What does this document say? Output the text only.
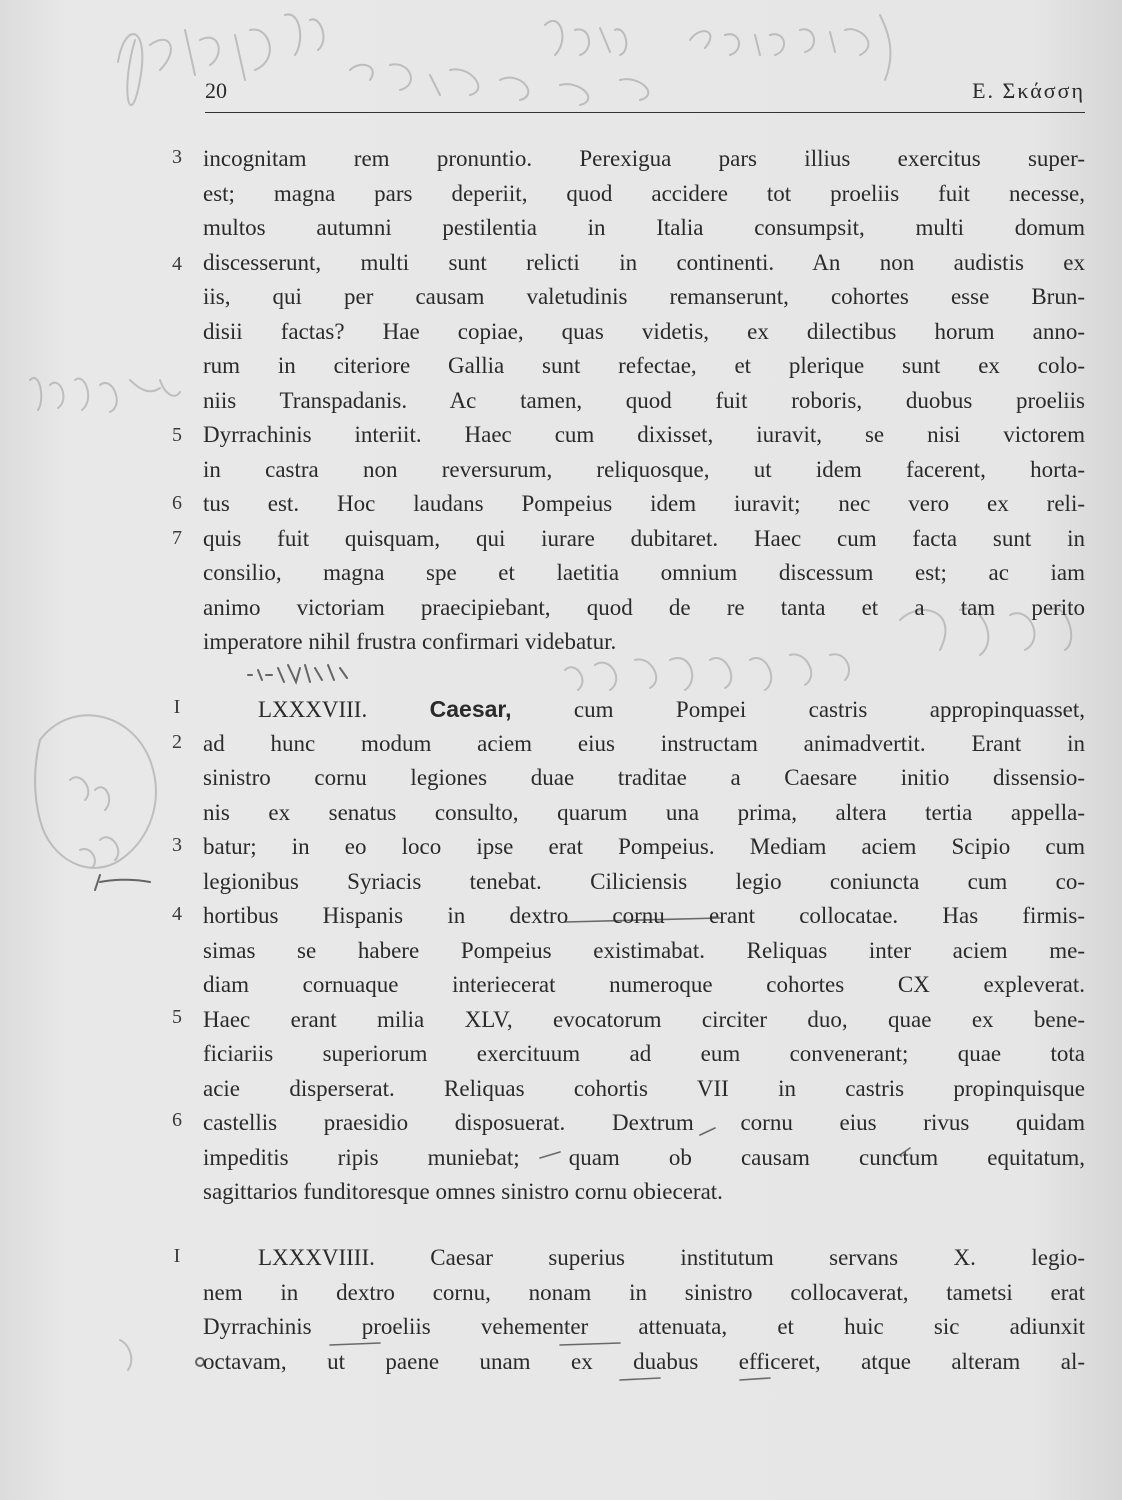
20	Ε. Σκάσση
3
4
5
6
7
incognitam rem pronuntio. Perexigua pars illius exercitus super-
est; magna pars deperiit, quod accidere tot proeliis fuit necesse,
multos autumni pestilentia in Italia consumpsit, multi domum
discesserunt, multi sunt relicti in continenti. An non audistis ex
iis, qui per causam valetudinis remanserunt, cohortes esse Brun-
disii factas? Hae copiae, quas videtis, ex dilectibus horum anno-
rum in citeriore Gallia sunt refectae, et plerique sunt ex colo-
niis Transpadanis. Ac tamen, quod fuit roboris, duobus proeliis
Dyrrachinis interiit. Haec cum dixisset, iuravit, se nisi victorem
in castra non reversurum, reliquosque, ut idem facerent, horta-
tus est. Hoc laudans Pompeius idem iuravit; nec vero ex reli-
quis fuit quisquam, qui iurare dubitaret. Haec cum facta sunt in
consilio, magna spe et laetitia omnium discessum est; ac iam
animo victoriam praecipiebant, quod de re tanta et a tam perito
imperatore nihil frustra confirmari videbatur.
I
2
3
4
5
6
LXXXVIII.	Caesar,	cum Pompei castris appropinquasset,
ad hunc modum aciem eius instructam animadvertit. Erant in
sinistro cornu legiones duae traditae a Caesare initio dissensio-
nis ex senatus consulto, quarum una prima, altera tertia appella-
batur; in eo loco ipse erat Pompeius. Mediam aciem Scipio cum
legionibus Syriacis tenebat. Ciliciensis legio coniuncta cum co-
hortibus Hispanis in dextro cornu erant collocatae. Has firmis-
simas se habere Pompeius existimabat. Reliquas inter aciem me-
diam cornuaque interiecerat numeroque cohortes CX expleverat.
Haec erant milia XLV, evocatorum circiter duo, quae ex bene-
ficiariis superiorum exercituum ad eum convenerant; quae tota
acie disperserat. Reliquas cohortis VII in castris propinquisque
castellis praesidio disposuerat. Dextrum cornu eius rivus quidam
impeditis ripis muniebat; quam ob causam cunctum equitatum,
sagittarios funditoresque omnes sinistro cornu obiecerat.
I	LXXXVIIII. Caesar superius institutum servans X. legio-
nem in dextro cornu, nonam in sinistro collocaverat, tametsi erat
Dyrrachinis proeliis vehementer attenuata, et huic sic adiunxit
octavam, ut paene unam ex duabus efficeret, atque alteram al-
